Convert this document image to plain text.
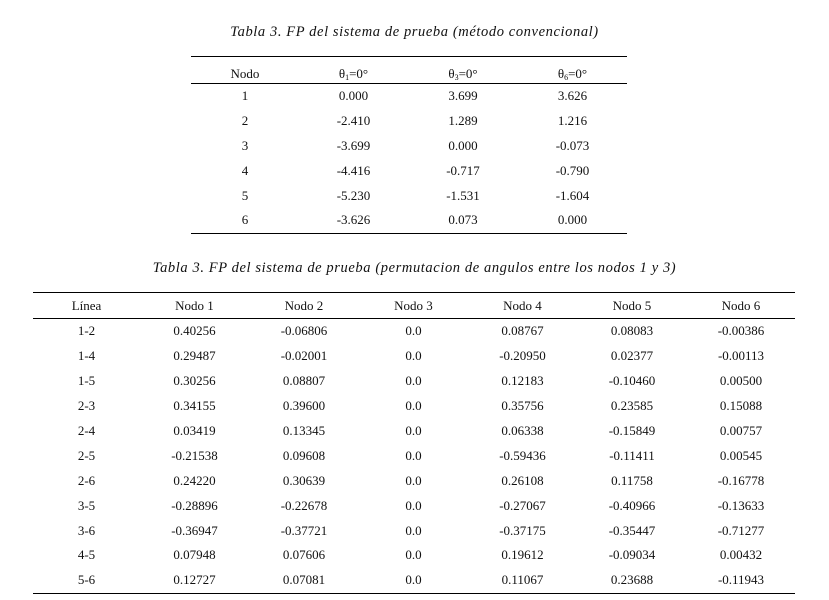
Tabla 3. FP del sistema de prueba (método convencional)
Nodo	$\theta_1=0^\circ$	$\theta_3=0^\circ$	$\theta_6=0^\circ$
1	0.000	3.699	3.626
2	-2.410	1.289	1.216
3	-3.699	0.000	-0.073
4	-4.416	-0.717	-0.790
5	-5.230	-1.531	-1.604
6	-3.626	0.073	0.000
Tabla 3. FP del sistema de prueba (permutacion de angulos entre los nodos 1 y 3)
Línea	Nodo 1	Nodo 2	Nodo 3	Nodo 4	Nodo 5	Nodo 6
1-2	0.40256	-0.06806	0.0	0.08767	0.08083	-0.00386
1-4	0.29487	-0.02001	0.0	-0.20950	0.02377	-0.00113
1-5	0.30256	0.08807	0.0	0.12183	-0.10460	0.00500
2-3	0.34155	0.39600	0.0	0.35756	0.23585	0.15088
2-4	0.03419	0.13345	0.0	0.06338	-0.15849	0.00757
2-5	-0.21538	0.09608	0.0	-0.59436	-0.11411	0.00545
2-6	0.24220	0.30639	0.0	0.26108	0.11758	-0.16778
3-5	-0.28896	-0.22678	0.0	-0.27067	-0.40966	-0.13633
3-6	-0.36947	-0.37721	0.0	-0.37175	-0.35447	-0.71277
4-5	0.07948	0.07606	0.0	0.19612	-0.09034	0.00432
5-6	0.12727	0.07081	0.0	0.11067	0.23688	-0.11943
